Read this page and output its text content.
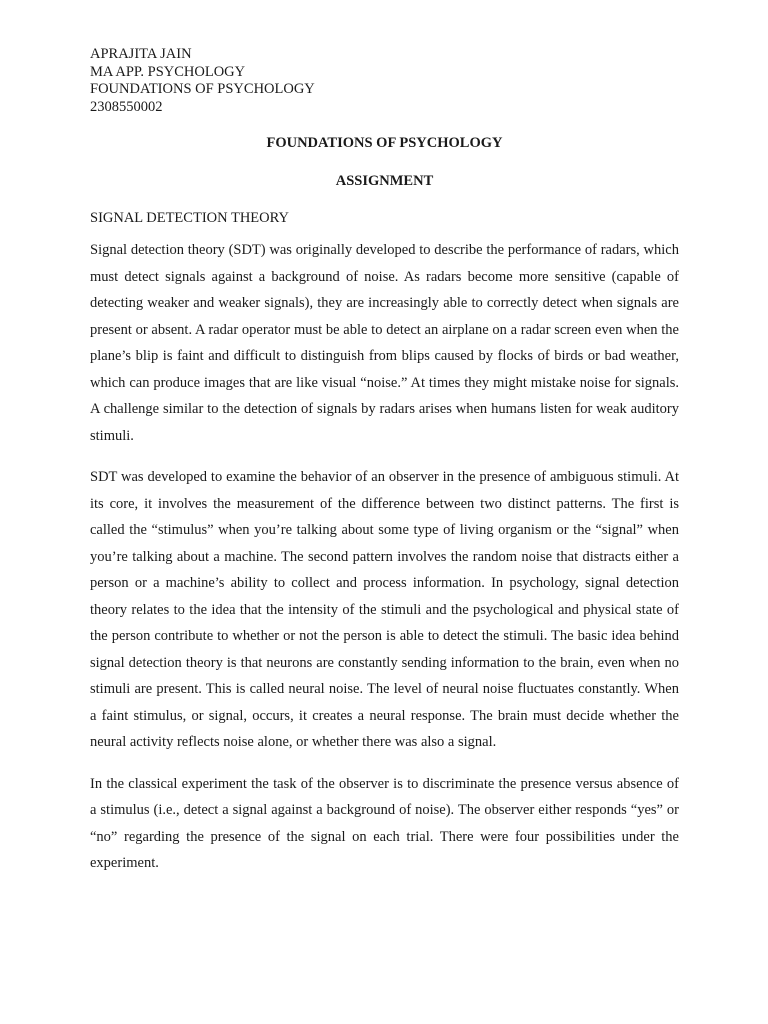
APRAJITA JAIN
MA APP. PSYCHOLOGY
FOUNDATIONS OF PSYCHOLOGY
2308550002
FOUNDATIONS OF PSYCHOLOGY
ASSIGNMENT
SIGNAL DETECTION THEORY

Signal detection theory (SDT) was originally developed to describe the performance of radars, which must detect signals against a background of noise. As radars become more sensitive (capable of detecting weaker and weaker signals), they are increasingly able to correctly detect when signals are present or absent. A radar operator must be able to detect an airplane on a radar screen even when the plane’s blip is faint and difficult to distinguish from blips caused by flocks of birds or bad weather, which can produce images that are like visual “noise.” At times they might mistake noise for signals. A challenge similar to the detection of signals by radars arises when humans listen for weak auditory stimuli.

SDT was developed to examine the behavior of an observer in the presence of ambiguous stimuli. At its core, it involves the measurement of the difference between two distinct patterns. The first is called the “stimulus” when you’re talking about some type of living organism or the “signal” when you’re talking about a machine. The second pattern involves the random noise that distracts either a person or a machine’s ability to collect and process information. In psychology, signal detection theory relates to the idea that the intensity of the stimuli and the psychological and physical state of the person contribute to whether or not the person is able to detect the stimuli. The basic idea behind signal detection theory is that neurons are constantly sending information to the brain, even when no stimuli are present. This is called neural noise. The level of neural noise fluctuates constantly. When a faint stimulus, or signal, occurs, it creates a neural response. The brain must decide whether the neural activity reflects noise alone, or whether there was also a signal.

In the classical experiment the task of the observer is to discriminate the presence versus absence of a stimulus (i.e., detect a signal against a background of noise). The observer either responds “yes” or “no” regarding the presence of the signal on each trial. There were four possibilities under the experiment.
